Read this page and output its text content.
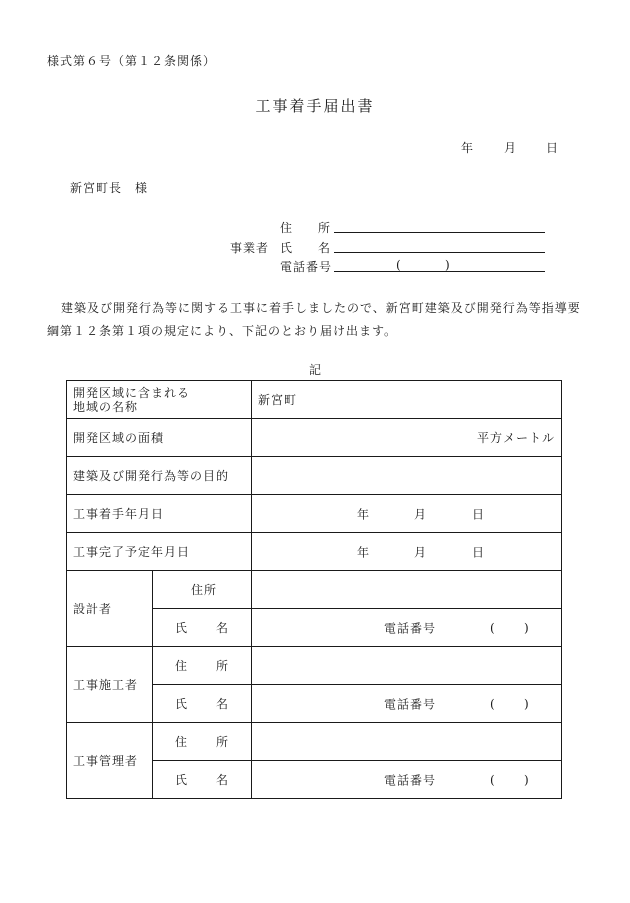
様式第６号（第１２条関係）
工事着手届出書
年	月 日
新宮町長　様
住 所
事業者 氏 名
電話番号	(	)
建築及び開発行為等に関する工事に着手しましたので、新宮町建築及び開発行為等指導要綱第１２条第１項の規定により、下記のとおり届け出ます。
記
開発区域に含まれる
地域の名称		新宮町
開発区域の面積		平方メートル
建築及び開発行為等の目的		
工事着手年月日		年 月 日

工事完了予定年月日		年 月 日

設計者	住 所	

	氏 名	電話番号 ( )

工事施工者	住 所	

	氏 名	電話番号 ( )

工事管理者	住 所	

	氏 名	電話番号 ( )
